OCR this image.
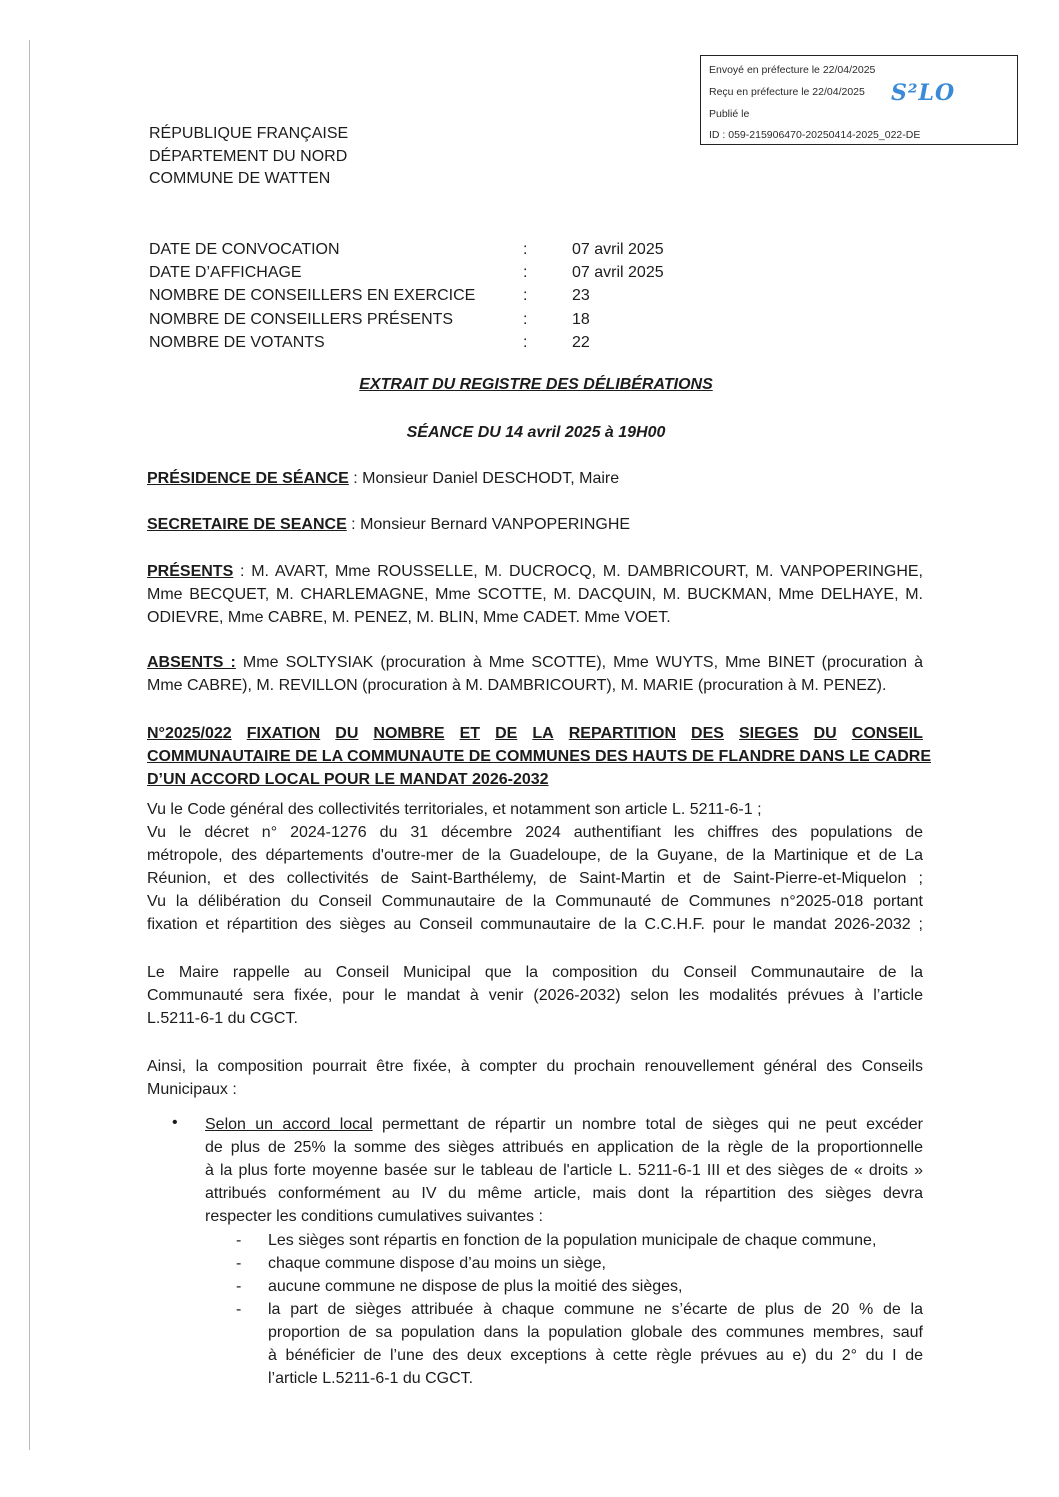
Envoyé en préfecture le 22/04/2025
Reçu en préfecture le 22/04/2025
Publié le
ID : 059-215906470-20250414-2025_022-DE
S²LO
RÉPUBLIQUE FRANÇAISE
DÉPARTEMENT DU NORD
COMMUNE DE WATTEN
DATE DE CONVOCATION	:	07 avril 2025
DATE D’AFFICHAGE	:	07 avril 2025
NOMBRE DE CONSEILLERS EN EXERCICE	:	23
NOMBRE DE CONSEILLERS PRÉSENTS	:	18
NOMBRE DE VOTANTS	:	22
EXTRAIT DU REGISTRE DES DÉLIBÉRATIONS
SÉANCE DU 14 avril 2025 à 19H00
PRÉSIDENCE DE SÉANCE : Monsieur Daniel DESCHODT, Maire
SECRETAIRE DE SEANCE : Monsieur Bernard VANPOPERINGHE
PRÉSENTS : M. AVART, Mme ROUSSELLE, M. DUCROCQ, M. DAMBRICOURT, M. VANPOPERINGHE,
Mme BECQUET, M. CHARLEMAGNE, Mme SCOTTE, M. DACQUIN, M. BUCKMAN, Mme DELHAYE, M.
ODIEVRE, Mme CABRE, M. PENEZ, M. BLIN, Mme CADET. Mme VOET.
ABSENTS : Mme SOLTYSIAK (procuration à Mme SCOTTE), Mme WUYTS, Mme BINET (procuration à
Mme CABRE), M. REVILLON (procuration à M. DAMBRICOURT), M. MARIE (procuration à M. PENEZ).
N°2025/022 FIXATION DU NOMBRE ET DE LA REPARTITION DES SIEGES DU CONSEIL
COMMUNAUTAIRE DE LA COMMUNAUTE DE COMMUNES DES HAUTS DE FLANDRE DANS LE CADRE
D’UN ACCORD LOCAL POUR LE MANDAT 2026-2032
Vu le Code général des collectivités territoriales, et notamment son article L. 5211-6-1 ;
Vu le décret n° 2024-1276 du 31 décembre 2024 authentifiant les chiffres des populations de
métropole, des départements d'outre-mer de la Guadeloupe, de la Guyane, de la Martinique et de La
Réunion, et des collectivités de Saint-Barthélemy, de Saint-Martin et de Saint-Pierre-et-Miquelon ;
Vu la délibération du Conseil Communautaire de la Communauté de Communes n°2025-018 portant
fixation et répartition des sièges au Conseil communautaire de la C.C.H.F. pour le mandat 2026-2032 ;
Le Maire rappelle au Conseil Municipal que la composition du Conseil Communautaire de la
Communauté sera fixée, pour le mandat à venir (2026-2032) selon les modalités prévues à l’article
L.5211-6-1 du CGCT.
Ainsi, la composition pourrait être fixée, à compter du prochain renouvellement général des Conseils
Municipaux :
• Selon un accord local permettant de répartir un nombre total de sièges qui ne peut excéder
de plus de 25% la somme des sièges attribués en application de la règle de la proportionnelle
à la plus forte moyenne basée sur le tableau de l'article L. 5211-6-1 III et des sièges de « droits »
attribués conformément au IV du même article, mais dont la répartition des sièges devra
respecter les conditions cumulatives suivantes :
- Les sièges sont répartis en fonction de la population municipale de chaque commune,
- chaque commune dispose d’au moins un siège,
- aucune commune ne dispose de plus la moitié des sièges,
- la part de sièges attribuée à chaque commune ne s’écarte de plus de 20 % de la
proportion de sa population dans la population globale des communes membres, sauf
à bénéficier de l’une des deux exceptions à cette règle prévues au e) du 2° du I de
l’article L.5211-6-1 du CGCT.
